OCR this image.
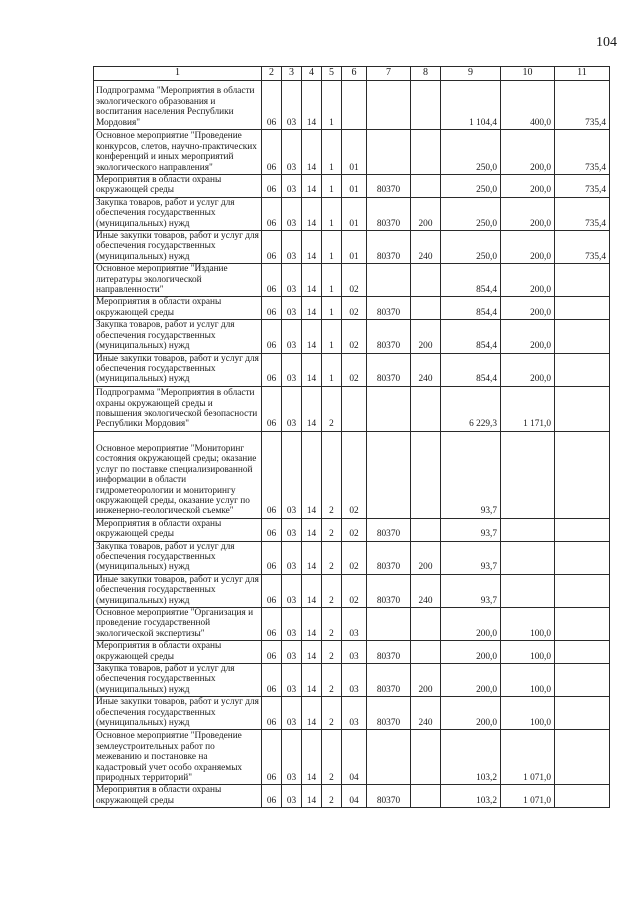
104
1	2	3	4	5	6	7	8	9	10	11
Подпрограмма "Мероприятия в области экологического образования и воспитания населения Республики Мордовия"	06	03	14	1				1 104,4	400,0	735,4
Основное мероприятие "Проведение конкурсов, слетов, научно-практических конференций и иных мероприятий экологического направления"	06	03	14	1	01			250,0	200,0	735,4
Мероприятия в области охраны окружающей среды	06	03	14	1	01	80370		250,0	200,0	735,4
Закупка товаров, работ и услуг для обеспечения государственных (муниципальных) нужд	06	03	14	1	01	80370	200	250,0	200,0	735,4
Иные закупки товаров, работ и услуг для обеспечения государственных (муниципальных) нужд	06	03	14	1	01	80370	240	250,0	200,0	735,4
Основное мероприятие "Издание литературы экологической направленности"	06	03	14	1	02			854,4	200,0	
Мероприятия в области охраны окружающей среды	06	03	14	1	02	80370		854,4	200,0	
Закупка товаров, работ и услуг для обеспечения государственных (муниципальных) нужд	06	03	14	1	02	80370	200	854,4	200,0	
Иные закупки товаров, работ и услуг для обеспечения государственных (муниципальных) нужд	06	03	14	1	02	80370	240	854,4	200,0	
Подпрограмма "Мероприятия в области охраны окружающей среды и повышения экологической безопасности Республики Мордовия"	06	03	14	2				6 229,3	1 171,0	
Основное мероприятие "Мониторинг состояния окружающей среды; оказание услуг по поставке специализированной информации в области гидрометеорологии и мониторингу окружающей среды, оказание услуг по инженерно-геологической съемке"	06	03	14	2	02			93,7		
Мероприятия в области охраны окружающей среды	06	03	14	2	02	80370		93,7		
Закупка товаров, работ и услуг для обеспечения государственных (муниципальных) нужд	06	03	14	2	02	80370	200	93,7		
Иные закупки товаров, работ и услуг для обеспечения государственных (муниципальных) нужд	06	03	14	2	02	80370	240	93,7		
Основное мероприятие "Организация и проведение государственной экологической экспертизы"	06	03	14	2	03			200,0	100,0	
Мероприятия в области охраны окружающей среды	06	03	14	2	03	80370		200,0	100,0	
Закупка товаров, работ и услуг для обеспечения государственных (муниципальных) нужд	06	03	14	2	03	80370	200	200,0	100,0	
Иные закупки товаров, работ и услуг для обеспечения государственных (муниципальных) нужд	06	03	14	2	03	80370	240	200,0	100,0	
Основное мероприятие "Проведение землеустроительных работ по межеванию и постановке на кадастровый учет особо охраняемых природных территорий"	06	03	14	2	04			103,2	1 071,0	
Мероприятия в области охраны окружающей среды	06	03	14	2	04	80370		103,2	1 071,0	
